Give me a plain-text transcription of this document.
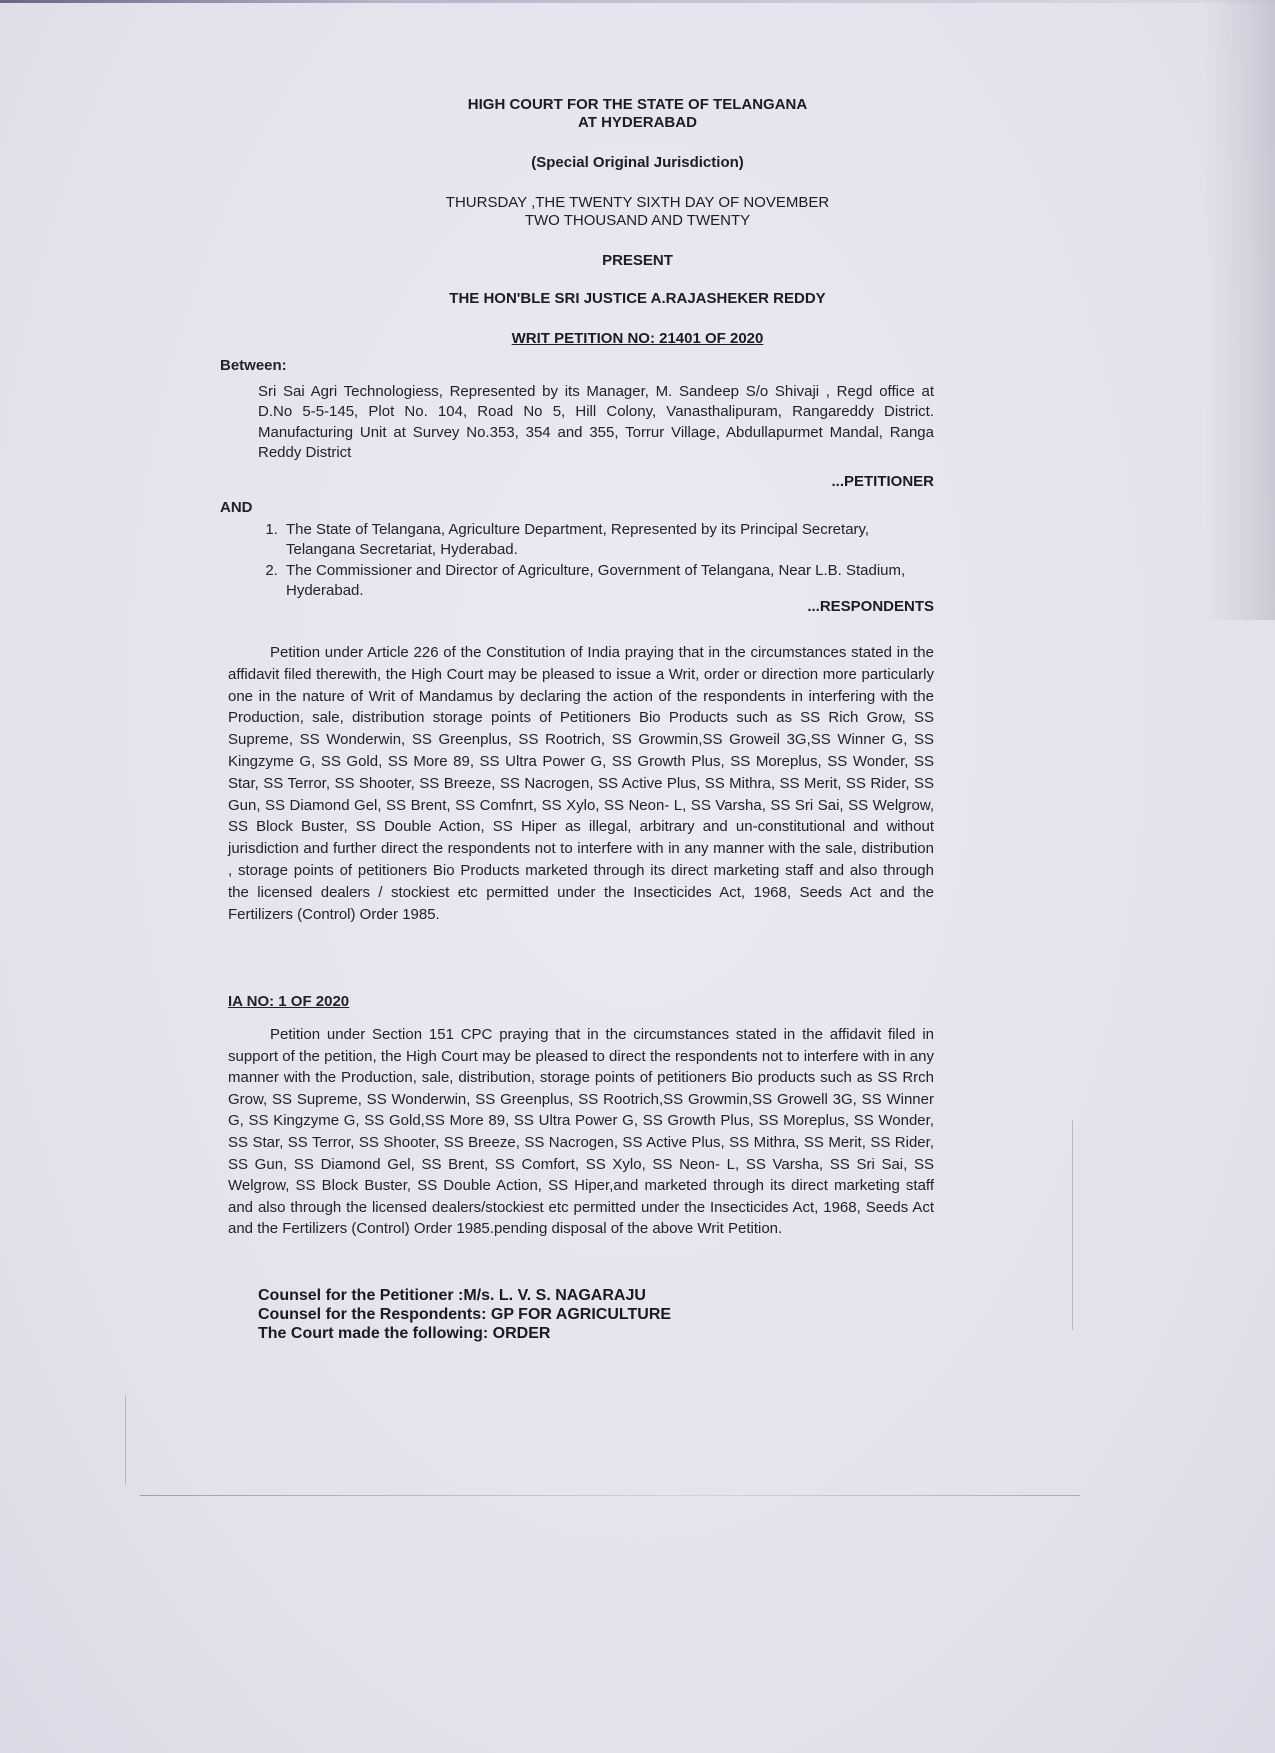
HIGH COURT FOR THE STATE OF TELANGANA
AT HYDERABAD
(Special Original Jurisdiction)
THURSDAY ,THE TWENTY SIXTH DAY OF NOVEMBER
TWO THOUSAND AND TWENTY
PRESENT
THE HON'BLE SRI JUSTICE A.RAJASHEKER REDDY
WRIT PETITION NO: 21401 OF 2020
Between:
Sri Sai Agri Technologiess, Represented by its Manager, M. Sandeep S/o Shivaji , Regd office at D.No 5-5-145, Plot No. 104, Road No 5, Hill Colony, Vanasthalipuram, Rangareddy District. Manufacturing Unit at Survey No.353, 354 and 355, Torrur Village, Abdullapurmet Mandal, Ranga Reddy District
...PETITIONER
AND
1. The State of Telangana, Agriculture Department, Represented by its Principal Secretary, Telangana Secretariat, Hyderabad.
2. The Commissioner and Director of Agriculture, Government of Telangana, Near L.B. Stadium, Hyderabad.
...RESPONDENTS
Petition under Article 226 of the Constitution of India praying that in the circumstances stated in the affidavit filed therewith, the High Court may be pleased to issue a Writ, order or direction more particularly one in the nature of Writ of Mandamus by declaring the action of the respondents in interfering with the Production, sale, distribution storage points of Petitioners Bio Products such as SS Rich Grow, SS Supreme, SS Wonderwin, SS Greenplus, SS Rootrich, SS Growmin,SS Groweil 3G,SS Winner G, SS Kingzyme G, SS Gold, SS More 89, SS Ultra Power G, SS Growth Plus, SS Moreplus, SS Wonder, SS Star, SS Terror, SS Shooter, SS Breeze, SS Nacrogen, SS Active Plus, SS Mithra, SS Merit, SS Rider, SS Gun, SS Diamond Gel, SS Brent, SS Comfnrt, SS Xylo, SS Neon- L, SS Varsha, SS Sri Sai, SS Welgrow, SS Block Buster, SS Double Action, SS Hiper as illegal, arbitrary and un-constitutional and without jurisdiction and further direct the respondents not to interfere with in any manner with the sale, distribution , storage points of petitioners Bio Products marketed through its direct marketing staff and also through the licensed dealers / stockiest etc permitted under the Insecticides Act, 1968, Seeds Act and the Fertilizers (Control) Order 1985.
IA NO: 1 OF 2020
Petition under Section 151 CPC praying that in the circumstances stated in the affidavit filed in support of the petition, the High Court may be pleased to direct the respondents not to interfere with in any manner with the Production, sale, distribution, storage points of petitioners Bio products such as SS Rrch Grow, SS Supreme, SS Wonderwin, SS Greenplus, SS Rootrich,SS Growmin,SS Growell 3G, SS Winner G, SS Kingzyme G, SS Gold,SS More 89, SS Ultra Power G, SS Growth Plus, SS Moreplus, SS Wonder, SS Star, SS Terror, SS Shooter, SS Breeze, SS Nacrogen, SS Active Plus, SS Mithra, SS Merit, SS Rider, SS Gun, SS Diamond Gel, SS Brent, SS Comfort, SS Xylo, SS Neon- L, SS Varsha, SS Sri Sai, SS Welgrow, SS Block Buster, SS Double Action, SS Hiper,and marketed through its direct marketing staff and also through the licensed dealers/stockiest etc permitted under the Insecticides Act, 1968, Seeds Act and the Fertilizers (Control) Order 1985.pending disposal of the above Writ Petition.
Counsel for the Petitioner :M/s. L. V. S. NAGARAJU
Counsel for the Respondents: GP FOR AGRICULTURE
The Court made the following: ORDER
